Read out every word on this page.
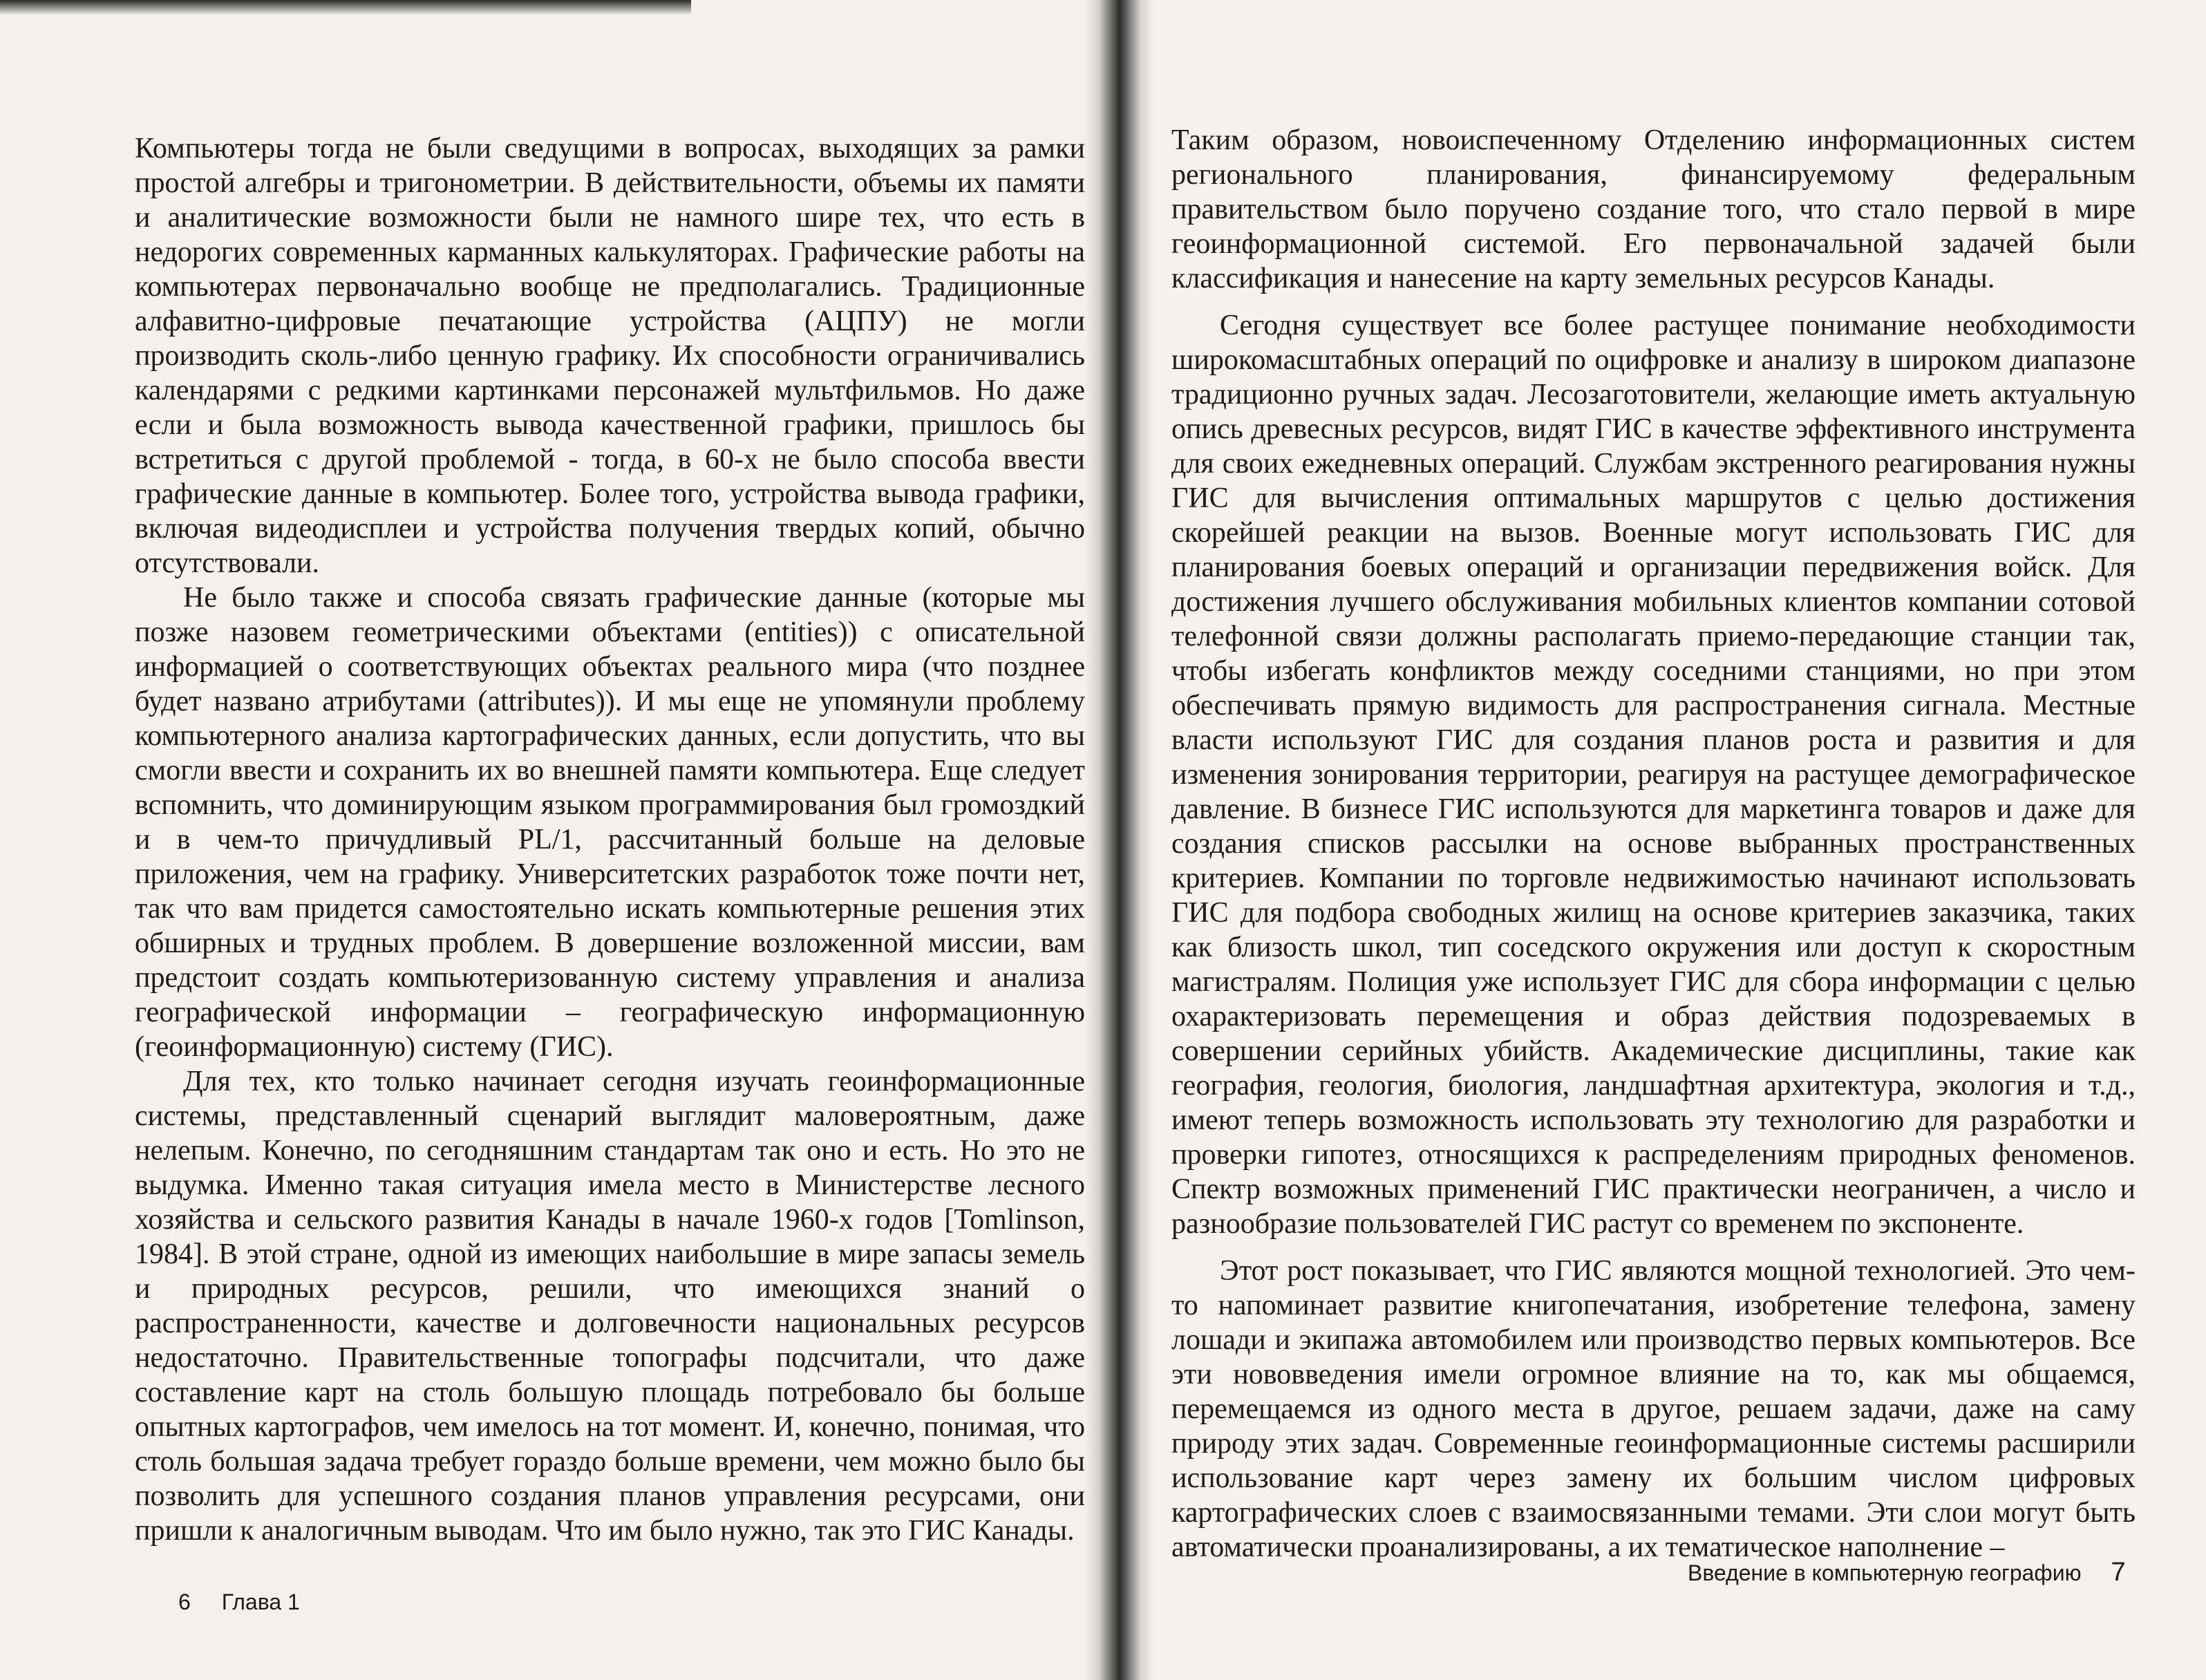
Компьютеры тогда не были сведущими в вопросах, выходящих за рамки простой алгебры и тригонометрии. В действительности, объемы их памяти и аналитические возможности были не намного шире тех, что есть в недорогих современных карманных калькуляторах. Графические работы на компьютерах первоначально вообще не предполагались. Традиционные алфавитно-цифровые печатающие устройства (АЦПУ) не могли производить сколь-либо ценную графику. Их способности ограничивались календарями с редкими картинками персонажей мультфильмов. Но даже если и была возможность вывода качественной графики, пришлось бы встретиться с другой проблемой - тогда, в 60-х не было способа ввести графические данные в компьютер. Более того, устройства вывода графики, включая видеодисплеи и устройства получения твердых копий, обычно отсутствовали.

Не было также и способа связать графические данные (которые мы позже назовем геометрическими объектами (entities)) с описательной информацией о соответствующих объектах реального мира (что позднее будет названо атрибутами (attributes)). И мы еще не упомянули проблему компьютерного анализа картографических данных, если допустить, что вы смогли ввести и сохранить их во внешней памяти компьютера. Еще следует вспомнить, что доминирующим языком программирования был громоздкий и в чем-то причудливый PL/1, рассчитанный больше на деловые приложения, чем на графику. Университетских разработок тоже почти нет, так что вам придется самостоятельно искать компьютерные решения этих обширных и трудных проблем. В довершение возложенной миссии, вам предстоит создать компьютеризованную систему управления и анализа географической информации – географическую информационную (геоинформационную) систему (ГИС).

Для тех, кто только начинает сегодня изучать геоинформационные системы, представленный сценарий выглядит маловероятным, даже нелепым. Конечно, по сегодняшним стандартам так оно и есть. Но это не выдумка. Именно такая ситуация имела место в Министерстве лесного хозяйства и сельского развития Канады в начале 1960-х годов [Tomlinson, 1984]. В этой стране, одной из имеющих наибольшие в мире запасы земель и природных ресурсов, решили, что имеющихся знаний о распространенности, качестве и долговечности национальных ресурсов недостаточно. Правительственные топографы подсчитали, что даже составление карт на столь большую площадь потребовало бы больше опытных картографов, чем имелось на тот момент. И, конечно, понимая, что столь большая задача требует гораздо больше времени, чем можно было бы позволить для успешного создания планов управления ресурсами, они пришли к аналогичным выводам. Что им было нужно, так это ГИС Канады.

6 Глава 1

Таким образом, новоиспеченному Отделению информационных систем регионального планирования, финансируемому федеральным правительством было поручено создание того, что стало первой в мире геоинформационной системой. Его первоначальной задачей были классификация и нанесение на карту земельных ресурсов Канады.

Сегодня существует все более растущее понимание необходимости широкомасштабных операций по оцифровке и анализу в широком диапазоне традиционно ручных задач. Лесозаготовители, желающие иметь актуальную опись древесных ресурсов, видят ГИС в качестве эффективного инструмента для своих ежедневных операций. Службам экстренного реагирования нужны ГИС для вычисления оптимальных маршрутов с целью достижения скорейшей реакции на вызов. Военные могут использовать ГИС для планирования боевых операций и организации передвижения войск. Для достижения лучшего обслуживания мобильных клиентов компании сотовой телефонной связи должны располагать приемо-передающие станции так, чтобы избегать конфликтов между соседними станциями, но при этом обеспечивать прямую видимость для распространения сигнала. Местные власти используют ГИС для создания планов роста и развития и для изменения зонирования территории, реагируя на растущее демографическое давление. В бизнесе ГИС используются для маркетинга товаров и даже для создания списков рассылки на основе выбранных пространственных критериев. Компании по торговле недвижимостью начинают использовать ГИС для подбора свободных жилищ на основе критериев заказчика, таких как близость школ, тип соседского окружения или доступ к скоростным магистралям. Полиция уже использует ГИС для сбора информации с целью охарактеризовать перемещения и образ действия подозреваемых в совершении серийных убийств. Академические дисциплины, такие как география, геология, биология, ландшафтная архитектура, экология и т.д., имеют теперь возможность использовать эту технологию для разработки и проверки гипотез, относящихся к распределениям природных феноменов. Спектр возможных применений ГИС практически неограничен, а число и разнообразие пользователей ГИС растут со временем по экспоненте.

Этот рост показывает, что ГИС являются мощной технологией. Это чем-то напоминает развитие книгопечатания, изобретение телефона, замену лошади и экипажа автомобилем или производство первых компьютеров. Все эти нововведения имели огромное влияние на то, как мы общаемся, перемещаемся из одного места в другое, решаем задачи, даже на саму природу этих задач. Современные геоинформационные системы расширили использование карт через замену их большим числом цифровых картографических слоев с взаимосвязанными темами. Эти слои могут быть автоматически проанализированы, а их тематическое наполнение –

Введение в компьютерную географию 7
